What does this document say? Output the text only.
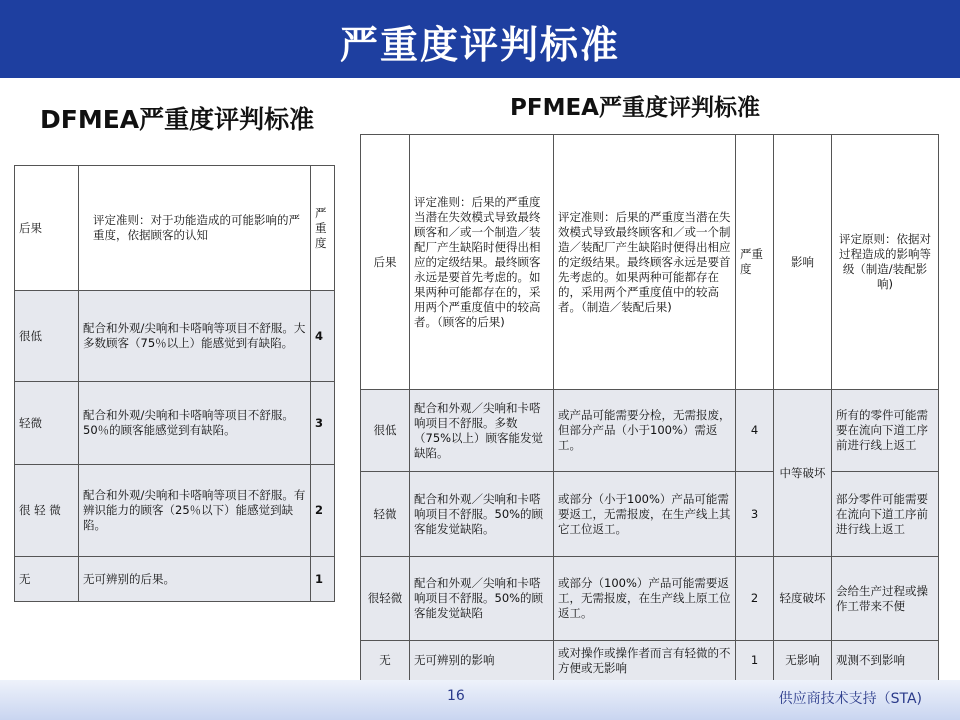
严重度评判标准
DFMEA严重度评判标准	PFMEA严重度评判标准
后果	评定准则：对于功能造成的可能影响的严重度，依据顾客的认知	严重度
很低	配合和外观/尖响和卡嗒响等项目不舒服。大多数顾客（75％以上）能感觉到有缺陷。	4
轻微	配合和外观/尖响和卡嗒响等项目不舒服。50％的顾客能感觉到有缺陷。	3
很 轻 微	配合和外观/尖响和卡嗒响等项目不舒服。有辨识能力的顾客（25％以下）能感觉到缺陷。	2
无	无可辨别的后果。	1
后果	评定准则：后果的严重度当潜在失效模式导致最终顾客和／或一个制造／装配厂产生缺陷时便得出相应的定级结果。最终顾客永远是要首先考虑的。如果两种可能都存在的，采用两个严重度值中的较高者。（顾客的后果)	评定准则：后果的严重度当潜在失效模式导致最终顾客和／或一个制造／装配厂产生缺陷时便得出相应的定级结果。最终顾客永远是要首先考虑的。如果两种可能都存在的，采用两个严重度值中的较高者。（制造／装配后果)	严重度	影响	评定原则：依据对过程造成的影响等级（制造/装配影响)
很低	配合和外观／尖响和卡嗒响项目不舒服。多数（75%以上）顾客能发觉缺陷。	或产品可能需要分检，无需报废，但部分产品（小于100%）需返工。	4	中等破坏	所有的零件可能需要在流向下道工序前进行线上返工
轻微	配合和外观／尖响和卡嗒响项目不舒服。50%的顾客能发觉缺陷。	或部分（小于100%）产品可能需要返工，无需报废，在生产线上其它工位返工。	3		部分零件可能需要在流向下道工序前进行线上返工
很轻微	配合和外观／尖响和卡嗒响项目不舒服。50%的顾客能发觉缺陷	或部分（100%）产品可能需要返工，无需报废，在生产线上原工位返工。	2	轻度破坏	会给生产过程或操作工带来不便
无	无可辨别的影响	或对操作或操作者而言有轻微的不方便或无影响	1	无影响	观测不到影响
16	供应商技术支持（STA)
